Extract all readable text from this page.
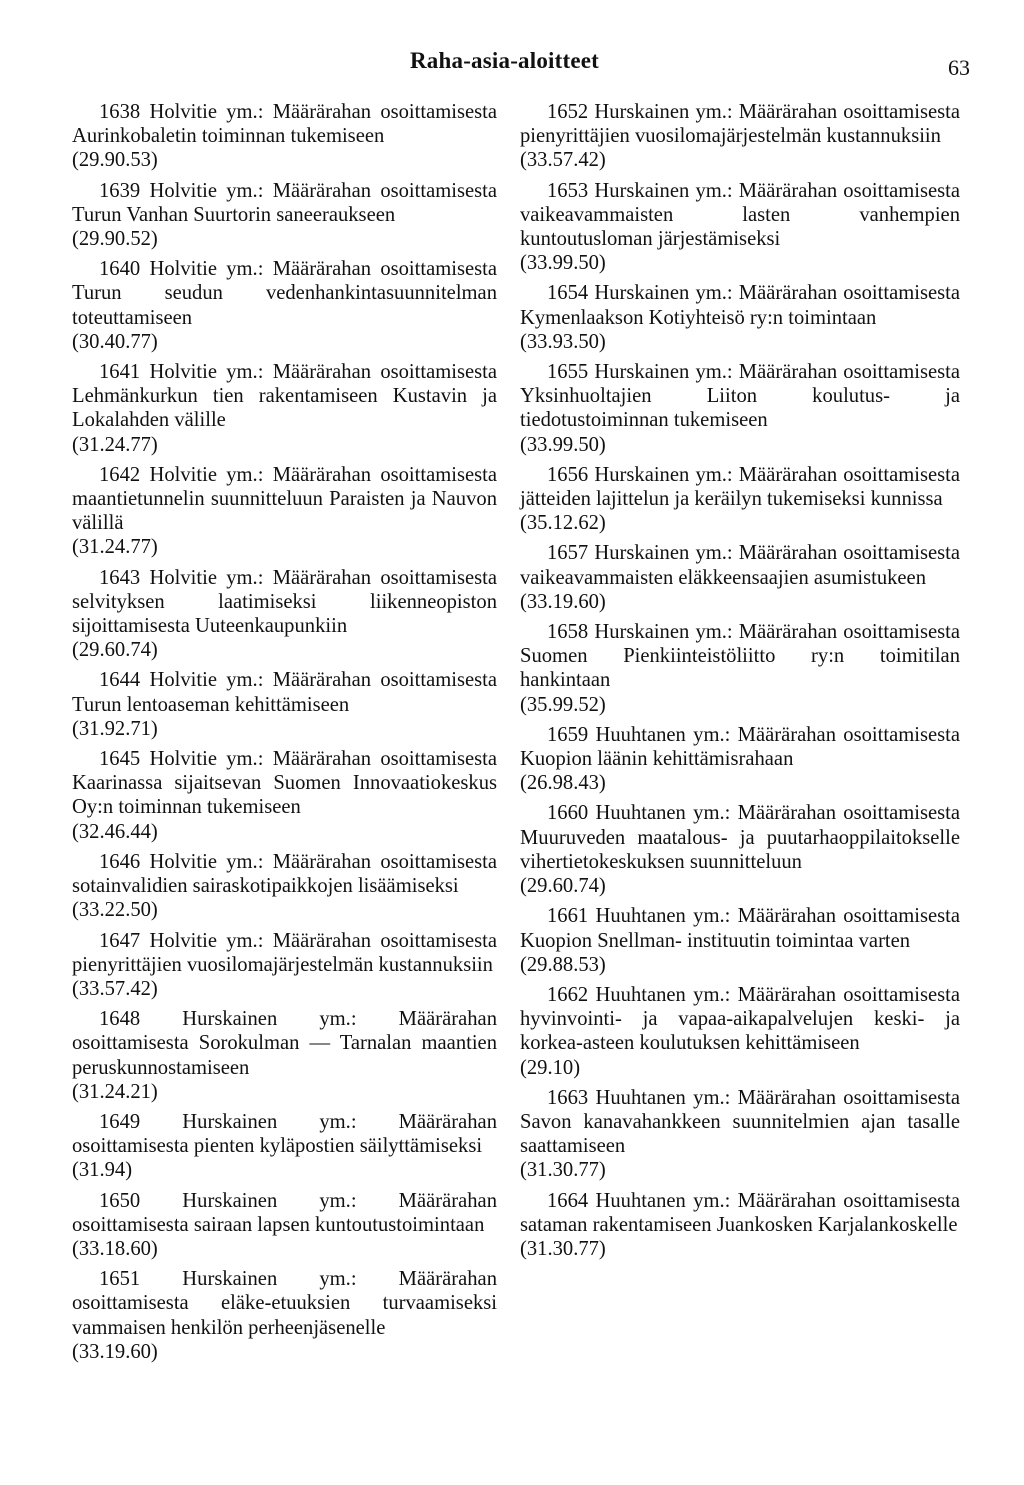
Raha-asia-aloitteet	63

1638 Holvitie ym.: Määrärahan osoittamisesta Aurinkobaletin toiminnan tukemiseen

(29.90.53)

1639 Holvitie ym.: Määrärahan osoittamisesta Turun Vanhan Suurtorin saneeraukseen

(29.90.52)

1640 Holvitie ym.: Määrärahan osoittamisesta Turun seudun vedenhankintasuunnitelman toteuttamiseen

(30.40.77)

1641 Holvitie ym.: Määrärahan osoittamisesta Lehmänkurkun tien rakentamiseen Kustavin ja Lokalahden välille

(31.24.77)

1642 Holvitie ym.: Määrärahan osoittamisesta maantietunnelin suunnitteluun Paraisten ja Nauvon välillä

(31.24.77)

1643 Holvitie ym.: Määrärahan osoittamisesta selvityksen laatimiseksi liikenneopiston sijoittamisesta Uuteenkaupunkiin

(29.60.74)

1644 Holvitie ym.: Määrärahan osoittamisesta Turun lentoaseman kehittämiseen

(31.92.71)

1645 Holvitie ym.: Määrärahan osoittamisesta Kaarinassa sijaitsevan Suomen Innovaatiokeskus Oy:n toiminnan tukemiseen

(32.46.44)

1646 Holvitie ym.: Määrärahan osoittamisesta sotainvalidien sairaskotipaikkojen lisäämiseksi

(33.22.50)

1647 Holvitie ym.: Määrärahan osoittamisesta pienyrittäjien vuosilomajärjestelmän kustannuksiin

(33.57.42)

1648 Hurskainen ym.: Määrärahan osoittamisesta Sorokulman — Tarnalan maantien peruskunnostamiseen

(31.24.21)

1649 Hurskainen ym.: Määrärahan osoittamisesta pienten kyläpostien säilyttämiseksi

(31.94)

1650 Hurskainen ym.: Määrärahan osoittamisesta sairaan lapsen kuntoutustoimintaan

(33.18.60)

1651 Hurskainen ym.: Määrärahan osoittamisesta eläke-etuuksien turvaamiseksi vammaisen henkilön perheenjäsenelle

(33.19.60)

1652 Hurskainen ym.: Määrärahan osoittamisesta pienyrittäjien vuosilomajärjestelmän kustannuksiin

(33.57.42)

1653 Hurskainen ym.: Määrärahan osoittamisesta vaikeavammaisten lasten vanhempien kuntoutusloman järjestämiseksi

(33.99.50)

1654 Hurskainen ym.: Määrärahan osoittamisesta Kymenlaakson Kotiyhteisö ry:n toimintaan

(33.93.50)

1655 Hurskainen ym.: Määrärahan osoittamisesta Yksinhuoltajien Liiton koulutus- ja tiedotustoiminnan tukemiseen

(33.99.50)

1656 Hurskainen ym.: Määrärahan osoittamisesta jätteiden lajittelun ja keräilyn tukemiseksi kunnissa

(35.12.62)

1657 Hurskainen ym.: Määrärahan osoittamisesta vaikeavammaisten eläkkeensaajien asumistukeen

(33.19.60)

1658 Hurskainen ym.: Määrärahan osoittamisesta Suomen Pienkiinteistöliitto ry:n toimitilan hankintaan

(35.99.52)

1659 Huuhtanen ym.: Määrärahan osoittamisesta Kuopion läänin kehittämisrahaan

(26.98.43)

1660 Huuhtanen ym.: Määrärahan osoittamisesta Muuruveden maatalous- ja puutarhaoppilaitokselle vihertietokeskuksen suunnitteluun

(29.60.74)

1661 Huuhtanen ym.: Määrärahan osoittamisesta Kuopion Snellman- instituutin toimintaa varten

(29.88.53)

1662 Huuhtanen ym.: Määrärahan osoittamisesta hyvinvointi- ja vapaa-aikapalvelujen keski- ja korkea-asteen koulutuksen kehittämiseen

(29.10)

1663 Huuhtanen ym.: Määrärahan osoittamisesta Savon kanavahankkeen suunnitelmien ajan tasalle saattamiseen

(31.30.77)

1664 Huuhtanen ym.: Määrärahan osoittamisesta sataman rakentamiseen Juankosken Karjalankoskelle

(31.30.77)
